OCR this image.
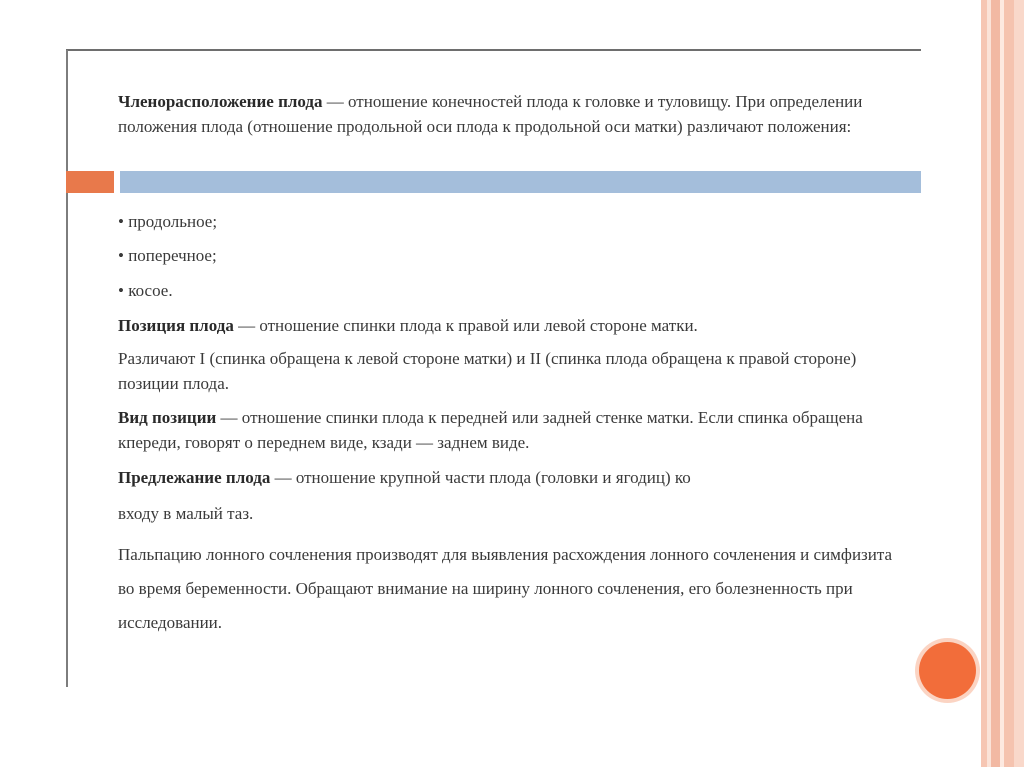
Членорасположение плода — отношение конечностей плода к головке и туловищу. При определении положения плода (отношение продольной оси плода к продольной оси матки) различают положения:
• продольное;
• поперечное;
• косое.
Позиция плода — отношение спинки плода к правой или левой стороне матки.
Различают I (спинка обращена к левой стороне матки) и II (спинка плода обращена к правой стороне) позиции плода.
Вид позиции — отношение спинки плода к передней или задней стенке матки. Если спинка обращена кпереди, говорят о переднем виде, кзади — заднем виде.
Предлежание плода — отношение крупной части плода (головки и ягодиц) ко
входу в малый таз.
Пальпацию лонного сочленения производят для выявления расхождения лонного сочленения и симфизита во время беременности. Обращают внимание на ширину лонного сочленения, его болезненность при исследовании.
